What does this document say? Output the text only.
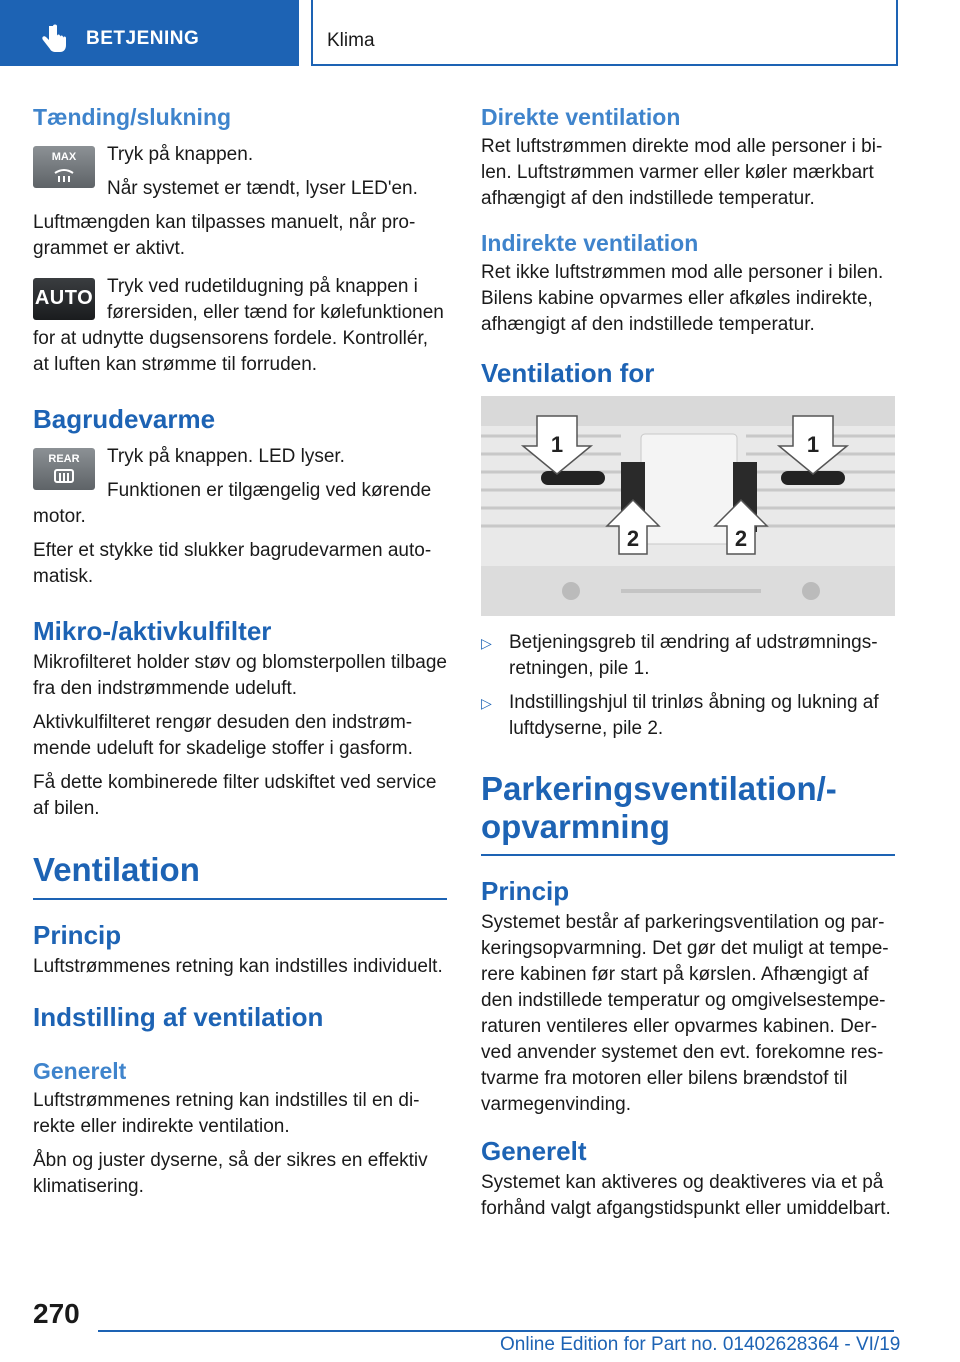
BETJENING	Klima
Tænding/slukning
MAX	Tryk på knappen.

Når systemet er tændt, lyser LED'en.

Luftmængden kan tilpasses manuelt, når programmet er aktivt.

AUTO

Tryk ved rudetildugning på knappen i førersiden, eller tænd for kølefunktionen for at udnytte dugsensorens fordele. Kontrollér, at luften kan strømme til forruden.

Bagrudevarme
REAR	Tryk på knappen. LED lyser.

Funktionen er tilgængelig ved kørende motor.

Efter et stykke tid slukker bagrudevarmen automatisk.

Mikro-/aktivkulfilter

Mikrofilteret holder støv og blomsterpollen tilbage fra den indstrømmende udeluft.

Aktivkulfilteret rengør desuden den indstrømmende udeluft for skadelige stoffer i gasform.

Få dette kombinerede filter udskiftet ved service af bilen.

Ventilation
Princip

Luftstrømmenes retning kan indstilles individuelt.

Indstilling af ventilation
Generelt

Luftstrømmenes retning kan indstilles til en direkte eller indirekte ventilation.

Åbn og juster dyserne, så der sikres en effektiv klimatisering.

Direkte ventilation

Ret luftstrømmen direkte mod alle personer i bilen. Luftstrømmen varmer eller køler mærkbart afhængigt af den indstillede temperatur.

Indirekte ventilation

Ret ikke luftstrømmen mod alle personer i bilen. Bilens kabine opvarmes eller afkøles indirekte, afhængigt af den indstillede temperatur.

Ventilation for
1	1
2	2
▷ Betjeningsgreb til ændring af udstrømningsretningen, pile 1.
▷ Indstillingshjul til trinløs åbning og lukning af luftdyserne, pile 2.
Parkeringsventilation/-opvarmning
Princip

Systemet består af parkeringsventilation og parkeringsopvarmning. Det gør det muligt at temperere kabinen før start på kørslen. Afhængigt af den indstillede temperatur og omgivelsestemperaturen ventileres eller opvarmes kabinen. Derved anvender systemet den evt. forekomne restvarme fra motoren eller bilens brændstof til varmegenvinding.

Generelt

Systemet kan aktiveres og deaktiveres via et på forhånd valgt afgangstidspunkt eller umiddelbart.

270
Online Edition for Part no. 01402628364 - VI/19
